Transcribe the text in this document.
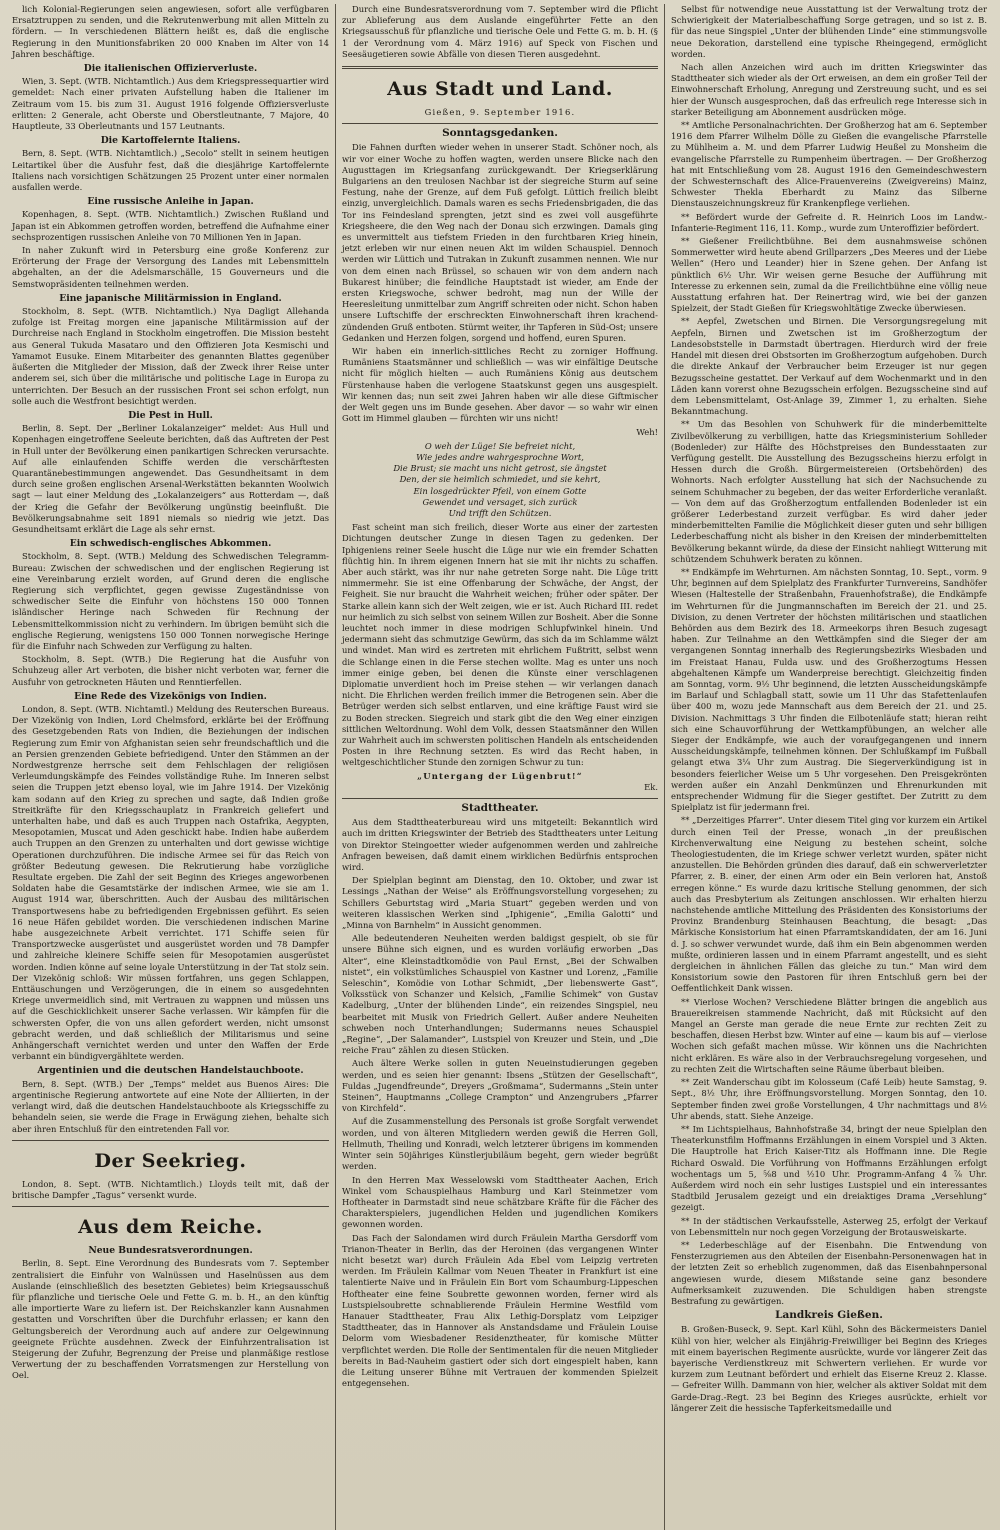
lich Kolonial-Regierungen seien angewiesen, sofort alle verfügbaren Ersatztruppen zu senden, und die Rekrutenwerbung mit allen Mitteln zu fördern. — In verschiedenen Blättern heißt es, daß die englische Regierung in den Munitionsfabriken 20 000 Knaben im Alter von 14 Jahren beschäftige.

Die italienischen Offizierverluste.

Wien, 3. Sept. (WTB. Nichtamtlich.) Aus dem Kriegspressequartier wird gemeldet: Nach einer privaten Aufstellung haben die Italiener im Zeitraum vom 15. bis zum 31. August 1916 folgende Offiziersverluste erlitten: 2 Generale, acht Oberste und Oberstleutnante, 7 Majore, 40 Hauptleute, 33 Oberleutnants und 157 Leutnants.

Die Kartoffelernte Italiens.

Bern, 8. Sept. (WTB. Nichtamtlich.) „Secolo“ stellt in seinem heutigen Leitartikel über die Ausfuhr fest, daß die diesjährige Kartoffelernte Italiens nach vorsichtigen Schätzungen 25 Prozent unter einer normalen ausfallen werde.

Eine russische Anleihe in Japan.

Kopenhagen, 8. Sept. (WTB. Nichtamtlich.) Zwischen Rußland und Japan ist ein Abkommen getroffen worden, betreffend die Aufnahme einer sechsprozentigen russischen Anleihe von 70 Millionen Yen in Japan.

In naher Zukunft wird in Petersburg eine große Konferenz zur Erörterung der Frage der Versorgung des Landes mit Lebensmitteln abgehalten, an der die Adelsmarschälle, 15 Gouverneurs und die Semstwopräsidenten teilnehmen werden.

Eine japanische Militärmission in England.

Stockholm, 8. Sept. (WTB. Nichtamtlich.) Nya Dagligt Allehanda zufolge ist Freitag morgen eine japanische Militärmission auf der Durchreise nach England in Stockholm eingetroffen. Die Mission besteht aus General Tukuda Masataro und den Offizieren Jota Kesmischi und Yamamot Eusuke. Einem Mitarbeiter des genannten Blattes gegenüber äußerten die Mitglieder der Mission, daß der Zweck ihrer Reise unter anderem sei, sich über die militärische und politische Lage in Europa zu unterrichten. Der Besuch an der russischen Front sei schon erfolgt, nun solle auch die Westfront besichtigt werden.

Die Pest in Hull.

Berlin, 8. Sept. Der „Berliner Lokalanzeiger“ meldet: Aus Hull und Kopenhagen eingetroffene Seeleute berichten, daß das Auftreten der Pest in Hull unter der Bevölkerung einen panikartigen Schrecken verursachte. Auf alle einlaufenden Schiffe werden die verschärftesten Quarantänebestimmungen angewendet. Das Gesundheitsamt in dem durch seine großen englischen Arsenal-Werkstätten bekannten Woolwich sagt — laut einer Meldung des „Lokalanzeigers“ aus Rotterdam —, daß der Krieg die Gefahr der Bevölkerung ungünstig beeinflußt. Die Bevölkerungsabnahme seit 1891 niemals so niedrig wie jetzt. Das Gesundheitsamt erklärt die Lage als sehr ernst.

Ein schwedisch-englisches Abkommen.

Stockholm, 8. Sept. (WTB.) Meldung des Schwedischen Telegramm-Bureau: Zwischen der schwedischen und der englischen Regierung ist eine Vereinbarung erzielt worden, auf Grund deren die englische Regierung sich verpflichtet, gegen gewisse Zugeständnisse von schwedischer Seite die Einfuhr von höchstens 150 000 Tonnen isländischer Heringe nach Schweden für Rechnung der Lebensmittelkommission nicht zu verhindern. Im übrigen bemüht sich die englische Regierung, wenigstens 150 000 Tonnen norwegische Heringe für die Einfuhr nach Schweden zur Verfügung zu halten.

Stockholm, 8. Sept. (WTB.) Die Regierung hat die Ausfuhr von Schuhzeug aller Art verboten, die bisher nicht verboten war, ferner die Ausfuhr von getrockneten Häuten und Renntierfellen.

Eine Rede des Vizekönigs von Indien.

London, 8. Sept. (WTB. Nichtamtl.) Meldung des Reuterschen Bureaus. Der Vizekönig von Indien, Lord Chelmsford, erklärte bei der Eröffnung des Gesetzgebenden Rats von Indien, die Beziehungen der indischen Regierung zum Emir von Afghanistan seien sehr freundschaftlich und die an Persien grenzenden Gebiete befriedigend. Unter den Stämmen an der Nordwestgrenze herrsche seit dem Fehlschlagen der religiösen Verleumdungskämpfe des Feindes vollständige Ruhe. Im Inneren selbst seien die Truppen jetzt ebenso loyal, wie im Jahre 1914. Der Vizekönig kam sodann auf den Krieg zu sprechen und sagte, daß Indien große Streitkräfte für den Kriegsschauplatz in Frankreich geliefert und unterhalten habe, und daß es auch Truppen nach Ostafrika, Aegypten, Mesopotamien, Muscat und Aden geschickt habe. Indien habe außerdem auch Truppen an den Grenzen zu unterhalten und dort gewisse wichtige Operationen durchzuführen. Die indische Armee sei für das Reich von größter Bedeutung gewesen. Die Rekrutierung habe vorzügliche Resultate ergeben. Die Zahl der seit Beginn des Krieges angeworbenen Soldaten habe die Gesamtstärke der indischen Armee, wie sie am 1. August 1914 war, überschritten. Auch der Ausbau des militärischen Transportwesens habe zu befriedigenden Ergebnissen geführt. Es seien 16 neue Häfen gebildet worden. Die verschiedenen indischen Marine habe ausgezeichnete Arbeit verrichtet. 171 Schiffe seien für Transportzwecke ausgerüstet und ausgerüstet worden und 78 Dampfer und zahlreiche kleinere Schiffe seien für Mesopotamien ausgerüstet worden. Indien könne auf seine loyale Unterstützung in der Tat stolz sein. Der Vizekönig schloß: Wir müssen fortfahren, uns gegen Schlappen, Enttäuschungen und Verzögerungen, die in einem so ausgedehnten Kriege unvermeidlich sind, mit Vertrauen zu wappnen und müssen uns auf die Geschicklichkeit unserer Sache verlassen. Wir kämpfen für die schwersten Opfer, die von uns allen gefordert werden, nicht umsonst gebracht werden, und daß schließlich der Militarismus und seine Anhängerschaft vernichtet werden und unter den Waffen der Erde verbannt ein bündigvergähltete werden.

Argentinien und die deutschen Handelstauchboote.

Bern, 8. Sept. (WTB.) Der „Temps“ meldet aus Buenos Aires: Die argentinische Regierung antwortete auf eine Note der Alliierten, in der verlangt wird, daß die deutschen Handelstauchboote als Kriegsschiffe zu behandeln seien, sie werde die Frage in Erwägung ziehen, behalte sich aber ihren Entschluß für den eintretenden Fall vor.

Der Seekrieg.

London, 8. Sept. (WTB. Nichtamtlich.) Lloyds teilt mit, daß der britische Dampfer „Tagus“ versenkt wurde.

Aus dem Reiche.
Neue Bundesratsverordnungen.

Berlin, 8. Sept. Eine Verordnung des Bundesrats vom 7. September zentralisiert die Einfuhr von Walnüssen und Haselnüssen aus dem Auslande (einschließlich des besetzten Gebietes) beim Kriegsausschuß für pflanzliche und tierische Oele und Fette G. m. b. H., an den künftig alle importierte Ware zu liefern ist. Der Reichskanzler kann Ausnahmen gestatten und Vorschriften über die Durchfuhr erlassen; er kann den Geltungsbereich der Verordnung auch auf andere zur Oelgewinnung geeignete Früchte ausdehnen. Zweck der Einfuhrzentralisation ist Steigerung der Zufuhr, Begrenzung der Preise und planmäßige restlose Verwertung der zu beschaffenden Vorratsmengen zur Herstellung von Oel.

Durch eine Bundesratsverordnung vom 7. September wird die Pflicht zur Ablieferung aus dem Auslande eingeführter Fette an den Kriegsausschuß für pflanzliche und tierische Oele und Fette G. m. b. H. (§ 1 der Verordnung vom 4. März 1916) auf Speck von Fischen und Seesäugetieren sowie Abfälle von diesen Tieren ausgedehnt.

Aus Stadt und Land.
Gießen, 9. September 1916.
Sonntagsgedanken.

Die Fahnen durften wieder wehen in unserer Stadt. Schöner noch, als wir vor einer Woche zu hoffen wagten, werden unsere Blicke nach den Augusttagen im Kriegsanfang zurückgewandt. Der Kriegserklärung Bulgariens an den treulosen Nachbar ist der siegreiche Sturm auf seine Festung, nahe der Grenze, auf dem Fuß gefolgt. Lüttich freilich bleibt einzig, unvergleichlich. Damals waren es sechs Friedensbrigaden, die das Tor ins Feindesland sprengten, jetzt sind es zwei voll ausgeführte Kriegsheere, die den Weg nach der Donau sich erzwingen. Damals ging es unvermittelt aus tiefstem Frieden in den furchtbaren Krieg hinein, jetzt erleben wir nur einen neuen Akt im wilden Schauspiel. Dennoch werden wir Lüttich und Tutrakan in Zukunft zusammen nennen. Wie nur von dem einen nach Brüssel, so schauen wir von dem andern nach Bukarest hinüber; die feindliche Hauptstadt ist wieder, am Ende der ersten Kriegswoche, schwer bedroht, mag nun der Wille der Heeresleitung unmittelbar zum Angriff schreiten oder nicht. Schon haben unsere Luftschiffe der erschreckten Einwohnerschaft ihren krachend-zündenden Gruß entboten. Stürmt weiter, ihr Tapferen in Süd-Ost; unsere Gedanken und Herzen folgen, sorgend und hoffend, euren Spuren.

Wir haben ein innerlich-sittliches Recht zu zorniger Hoffnung. Rumäniens Staatsmänner und schließlich — was wir einfältige Deutsche nicht für möglich hielten — auch Rumäniens König aus deutschem Fürstenhause haben die verlogene Staatskunst gegen uns ausgespielt. Wir kennen das; nun seit zwei Jahren haben wir alle diese Giftmischer der Welt gegen uns im Bunde gesehen. Aber davor — so wahr wir einen Gott im Himmel glauben — fürchten wir uns nicht!

Weh!
O weh der Lüge! Sie befreiet nicht,
Wie jedes andre wahrgesprochne Wort,
Die Brust; sie macht uns nicht getrost, sie ängstet
Den, der sie heimlich schmiedet, und sie kehrt,
Ein losgedrückter Pfeil, von einem Gotte
Gewendet und versaget, sich zurück
Und trifft den Schützen.

Fast scheint man sich freilich, dieser Worte aus einer der zartesten Dichtungen deutscher Zunge in diesen Tagen zu gedenken. Der Iphigeniens reiner Seele huscht die Lüge nur wie ein fremder Schatten flüchtig hin. In ihrem eigenen Innern hat sie mit ihr nichts zu schaffen. Aber auch stärkt, was ihr nur nahe getreten Sorge naht. Die Lüge tritt nimmermehr. Sie ist eine Offenbarung der Schwäche, der Angst, der Feigheit. Sie nur braucht die Wahrheit weichen; früher oder später. Der Starke allein kann sich der Welt zeigen, wie er ist. Auch Richard III. redet nur heimlich zu sich selbst von seinem Willen zur Bosheit. Aber die Sonne leuchtet noch immer in diese modrigen Schlupfwinkel hinein. Und jedermann sieht das schmutzige Gewürm, das sich da im Schlamme wälzt und windet. Man wird es zertreten mit ehrlichem Fußtritt, selbst wenn die Schlange einen in die Ferse stechen wollte. Mag es unter uns noch immer einige geben, bei denen die Künste einer verschlagenen Diplomatie unverdient hoch im Preise stehen — wir verlangen danach nicht. Die Ehrlichen werden freilich immer die Betrogenen sein. Aber die Betrüger werden sich selbst entlarven, und eine kräftige Faust wird sie zu Boden strecken. Siegreich und stark gibt die den Weg einer einzigen sittlichen Weltordnung. Wohl dem Volk, dessen Staatsmänner den Willen zur Wahrheit auch im schwersten politischen Handeln als entscheidenden Posten in ihre Rechnung setzten. Es wird das Recht haben, in weltgeschichtlicher Stunde den zornigen Schwur zu tun:

„Untergang der Lügenbrut!“
Ek.
Stadttheater.

Aus dem Stadttheaterbureau wird uns mitgeteilt: Bekanntlich wird auch im dritten Kriegswinter der Betrieb des Stadttheaters unter Leitung von Direktor Steingoetter wieder aufgenommen werden und zahlreiche Anfragen beweisen, daß damit einem wirklichen Bedürfnis entsprochen wird.

Der Spielplan beginnt am Dienstag, den 10. Oktober, und zwar ist Lessings „Nathan der Weise“ als Eröffnungsvorstellung vorgesehen; zu Schillers Geburtstag wird „Maria Stuart“ gegeben werden und von weiteren klassischen Werken sind „Iphigenie“, „Emilia Galotti“ und „Minna von Barnhelm“ in Aussicht genommen.

Alle bedeutenderen Neuheiten werden baldigst gespielt, ob sie für unsere Bühne sich eignen, und es wurden vorläufig erworben „Das Alter“, eine Kleinstadtkomödie von Paul Ernst, „Bei der Schwalben nistet“, ein volkstümliches Schauspiel von Kastner und Lorenz, „Familie Seleschin“, Komödie von Lothar Schmidt, „Der liebenswerte Gast“, Volksstück von Schanzer und Kelsich, „Familie Schimek“ von Gustav Kadelburg, „Unter der blühenden Linde“, ein reizendes Singspiel, neu bearbeitet mit Musik von Friedrich Gellert. Außer andere Neuheiten schweben noch Unterhandlungen; Sudermanns neues Schauspiel „Regine“, „Der Salamander“, Lustspiel von Kreuzer und Stein, und „Die reiche Frau“ zählen zu diesen Stücken.

Auch ältere Werke sollen in guten Neueinstudierungen gegeben werden, und es seien hier genannt: Ibsens „Stützen der Gesellschaft“, Fuldas „Jugendfreunde“, Dreyers „Großmama“, Sudermanns „Stein unter Steinen“, Hauptmanns „College Crampton“ und Anzengrubers „Pfarrer von Kirchfeld“.

Auf die Zusammenstellung des Personals ist große Sorgfalt verwendet worden, und von älteren Mitgliedern werden gewiß die Herren Goll, Hellmuth, Theiling und Konradi, welch letzterer übrigens im kommenden Winter sein 50jähriges Künstlerjubiläum begeht, gern wieder begrüßt werden.

In den Herren Max Wesselowski vom Stadttheater Aachen, Erich Winkel vom Schauspielhaus Hamburg und Karl Steinmetzer vom Hoftheater in Darmstadt sind neue schätzbare Kräfte für die Fächer des Charakterspielers, jugendlichen Helden und jugendlichen Komikers gewonnen worden.

Das Fach der Salondamen wird durch Fräulein Martha Gersdorff vom Trianon-Theater in Berlin, das der Heroinen (das vergangenen Winter nicht besetzt war) durch Fräulein Ada Ebel vom Leipzig vertreten werden. Im Fräulein Kallmar vom Neuen Theater in Frankfurt ist eine talentierte Naive und in Fräulein Ein Bort vom Schaumburg-Lippeschen Hoftheater eine feine Soubrette gewonnen worden, ferner wird als Lustspielsoubrette schnablierende Fräulein Hermine Westfild vom Hanauer Stadttheater, Frau Alix Lethig-Dorsplatz vom Leipziger Stadttheater, das in Hannover als Anstandsdame und Fräulein Louise Delorm vom Wiesbadener Residenztheater, für komische Mütter verpflichtet werden. Die Rolle der Sentimentalen für die neuen Mitglieder bereits in Bad-Nauheim gastiert oder sich dort eingespielt haben, kann die Leitung unserer Bühne mit Vertrauen der kommenden Spielzeit entgegensehen.

Selbst für notwendige neue Ausstattung ist der Verwaltung trotz der Schwierigkeit der Materialbeschaffung Sorge getragen, und so ist z. B. für das neue Singspiel „Unter der blühenden Linde“ eine stimmungsvolle neue Dekoration, darstellend eine typische Rheingegend, ermöglicht worden.

Nach allen Anzeichen wird auch im dritten Kriegswinter das Stadttheater sich wieder als der Ort erweisen, an dem ein großer Teil der Einwohnerschaft Erholung, Anregung und Zerstreuung sucht, und es sei hier der Wunsch ausgesprochen, daß das erfreulich rege Interesse sich in starker Beteiligung am Abonnement ausdrücken möge.

** Amtliche Personalnachrichten. Der Großherzog hat am 6. September 1916 dem Pfarrer Wilhelm Dölle zu Gießen die evangelische Pfarrstelle zu Mühlheim a. M. und dem Pfarrer Ludwig Heußel zu Monsheim die evangelische Pfarrstelle zu Rumpenheim übertragen. — Der Großherzog hat mit Entschließung vom 28. August 1916 den Gemeindeschwestern der Schwesternschaft des Alice-Frauenvereins (Zweigvereins) Mainz, Schwester Thekla Eberhardt zu Mainz das Silberne Dienstauszeichnungskreuz für Krankenpflege verliehen.

** Befördert wurde der Gefreite d. R. Heinrich Loos im Landw.-Infanterie-Regiment 116, 11. Komp., wurde zum Unteroffizier befördert.

** Gießener Freilichtbühne. Bei dem ausnahmsweise schönen Sommerwetter wird heute abend Grillparzers „Des Meeres und der Liebe Wellen“ (Hero und Leander) hier in Szene gehen. Der Anfang ist pünktlich 6½ Uhr. Wir weisen gerne Besuche der Aufführung mit Interesse zu erkennen sein, zumal da die Freilichtbühne eine völlig neue Ausstattung erfahren hat. Der Reinertrag wird, wie bei der ganzen Spielzeit, der Stadt Gießen für Kriegswohltätige Zwecke überwiesen.

** Aepfel, Zwetschen und Birnen. Die Versorgungsregelung mit Aepfeln, Birnen und Zwetschen ist im Großherzogtum der Landesobststelle in Darmstadt übertragen. Hierdurch wird der freie Handel mit diesen drei Obstsorten im Großherzogtum aufgehoben. Durch die direkte Ankauf der Verbraucher beim Erzeuger ist nur gegen Bezugsscheine gestattet. Der Verkauf auf dem Wochenmarkt und in den Läden kann vorerst ohne Bezugsschein erfolgen. Bezugsscheine sind auf dem Lebensmittelamt, Ost-Anlage 39, Zimmer 1, zu erhalten. Siehe Bekanntmachung.

** Um das Besohlen von Schuhwerk für die minderbemittelte Zivilbevölkerung zu verbilligen, hatte das Kriegsministerium Sohlleder (Bodenleder) zur Hälfte des Höchstpreises den Bundesstaaten zur Verfügung gestellt. Die Ausstellung des Bezugsscheins hierzu erfolgt in Hessen durch die Großh. Bürgermeistereien (Ortsbehörden) des Wohnorts. Nach erfolgter Ausstellung hat sich der Nachsuchende zu seinem Schuhmacher zu begeben, der das weiter Erforderliche veranlaßt. — Von dem auf das Großherzogtum entfallenden Bodenleder ist ein größerer Lederbestand zurzeit verfügbar. Es wird daher jeder minderbemittelten Familie die Möglichkeit dieser guten und sehr billigen Lederbeschaffung nicht als bisher in den Kreisen der minderbemittelten Bevölkerung bekannt würde, da diese der Einsicht nahliegt Witterung mit schützendem Schuhwerk beraten zu können.

** Endkämpfe im Wehrturnen. Am nächsten Sonntag, 10. Sept., vorm. 9 Uhr, beginnen auf dem Spielplatz des Frankfurter Turnvereins, Sandhöfer Wiesen (Haltestelle der Straßenbahn, Frauenhofstraße), die Endkämpfe im Wehrturnen für die Jungmannschaften im Bereich der 21. und 25. Division, zu denen Vertreter der höchsten militärischen und staatlichen Behörden aus dem Bezirk des 18. Armeekorps ihren Besuch zugesagt haben. Zur Teilnahme an den Wettkämpfen sind die Sieger der am vergangenen Sonntag innerhalb des Regierungsbezirks Wiesbaden und im Freistaat Hanau, Fulda usw. und des Großherzogtums Hessen abgehaltenen Kämpfe um Wanderpreise berechtigt. Gleichzeitig finden am Sonntag, vorm. 9½ Uhr beginnend, die letzten Ausscheidungskämpfe im Barlauf und Schlagball statt, sowie um 11 Uhr das Stafettenlaufen über 400 m, wozu jede Mannschaft aus dem Bereich der 21. und 25. Division. Nachmittags 3 Uhr finden die Eilbotenläufe statt; hieran reiht sich eine Schauvorführung der Wettkampfübungen, an welcher alle Sieger der Endkämpfe, wie auch der voraufgegangenen und innern Ausscheidungskämpfe, teilnehmen können. Der Schlußkampf im Fußball gelangt etwa 3¼ Uhr zum Austrag. Die Siegerverkündigung ist in besonders feierlicher Weise um 5 Uhr vorgesehen. Den Preisgekrönten werden außer ein Anzahl Denkmünzen und Ehrenurkunden mit entsprechender Widmung für die Sieger gestiftet. Der Zutritt zu dem Spielplatz ist für jedermann frei.

** „Derzeitiges Pfarrer“. Unter diesem Titel ging vor kurzem ein Artikel durch einen Teil der Presse, wonach „in der preußischen Kirchenverwaltung eine Neigung zu bestehen scheint, solche Theologiestudenten, die im Kriege schwer verletzt wurden, später nicht anzustellen. Die Behörden gründen dies darauf, daß ein schwerverletzter Pfarrer, z. B. einer, der einen Arm oder ein Bein verloren hat, Anstoß erregen könne.“ Es wurde dazu kritische Stellung genommen, der sich auch das Presbyterium als Zeitungen anschlossen. Wir erhalten hierzu nachstehende amtliche Mitteilung des Präsidenten des Konsistoriums der Provinz Brandenburg Steinhausen Beachtung, die besagt: „Das Märkische Konsistorium hat einen Pfarramtskandidaten, der am 16. Juni d. J. so schwer verwundet wurde, daß ihm ein Bein abgenommen werden mußte, ordinieren lassen und in einem Pfarramt angestellt, und es sieht dergleichen in ähnlichen Fällen das gleiche zu tun.“ Man wird dem Konsistorium sowie den Pastoren für ihren Entschluß gern bei der Oeffentlichkeit Dank wissen.

** Vierlose Wochen? Verschiedene Blätter bringen die angeblich aus Brauereikreisen stammende Nachricht, daß mit Rücksicht auf den Mangel an Gerste man gerade die neue Ernte zur rechten Zeit zu beschaffen, diesen Herbst bzw. Winter auf eine — kaum bis auf — vierlose Wochen sich gefaßt machen müsse. Wir können uns die Nachrichten nicht erklären. Es wäre also in der Verbrauchsregelung vorgesehen, und zu rechten Zeit die Wirtschaften seine Räume überbaut bleiben.

** Zeit Wanderschau gibt im Kolosseum (Café Leib) heute Samstag, 9. Sept., 8½ Uhr, ihre Eröffnungsvorstellung. Morgen Sonntag, den 10. September finden zwei große Vorstellungen, 4 Uhr nachmittags und 8½ Uhr abends, statt. Siehe Anzeige.

** Im Lichtspielhaus, Bahnhofstraße 34, bringt der neue Spielplan den Theaterkunstfilm Hoffmanns Erzählungen in einem Vorspiel und 3 Akten. Die Hauptrolle hat Erich Kaiser-Titz als Hoffmann inne. Die Regie Richard Oswald. Die Vorführung von Hoffmanns Erzählungen erfolgt wochentags um 5, ⅝8 und ½10 Uhr. Programm-Anfang 4 ⅞ Uhr. Außerdem wird noch ein sehr lustiges Lustspiel und ein interessantes Stadtbild Jerusalem gezeigt und ein dreiaktiges Drama „Versehlung“ gezeigt.

** In der städtischen Verkaufsstelle, Asterweg 25, erfolgt der Verkauf von Lebensmitteln nur noch gegen Vorzeigung der Brotausweiskarte.

** Lederbeschläge auf der Eisenbahn. Die Entwendung von Fensterzugriemen aus den Abteilen der Eisenbahn-Personenwagen hat in der letzten Zeit so erheblich zugenommen, daß das Eisenbahnpersonal angewiesen wurde, diesem Mißstande seine ganz besondere Aufmerksamkeit zuzuwenden. Die Schuldigen haben strengste Bestrafung zu gewärtigen.

Landkreis Gießen.

B. Großen-Buseck, 9. Sept. Karl Kühl, Sohn des Bäckermeisters Daniel Kühl von hier, welcher als Einjährig-Freiwilliger bei Beginn des Krieges mit einem bayerischen Regimente ausrückte, wurde vor längerer Zeit das bayerische Verdienstkreuz mit Schwertern verliehen. Er wurde vor kurzem zum Leutnant befördert und erhielt das Eiserne Kreuz 2. Klasse. — Gefreiter Willh. Dammann von hier, welcher als aktiver Soldat mit dem Garde-Drag.-Regt. 23 bei Beginn des Krieges ausrückte, erhielt vor längerer Zeit die hessische Tapferkeitsmedaille und
